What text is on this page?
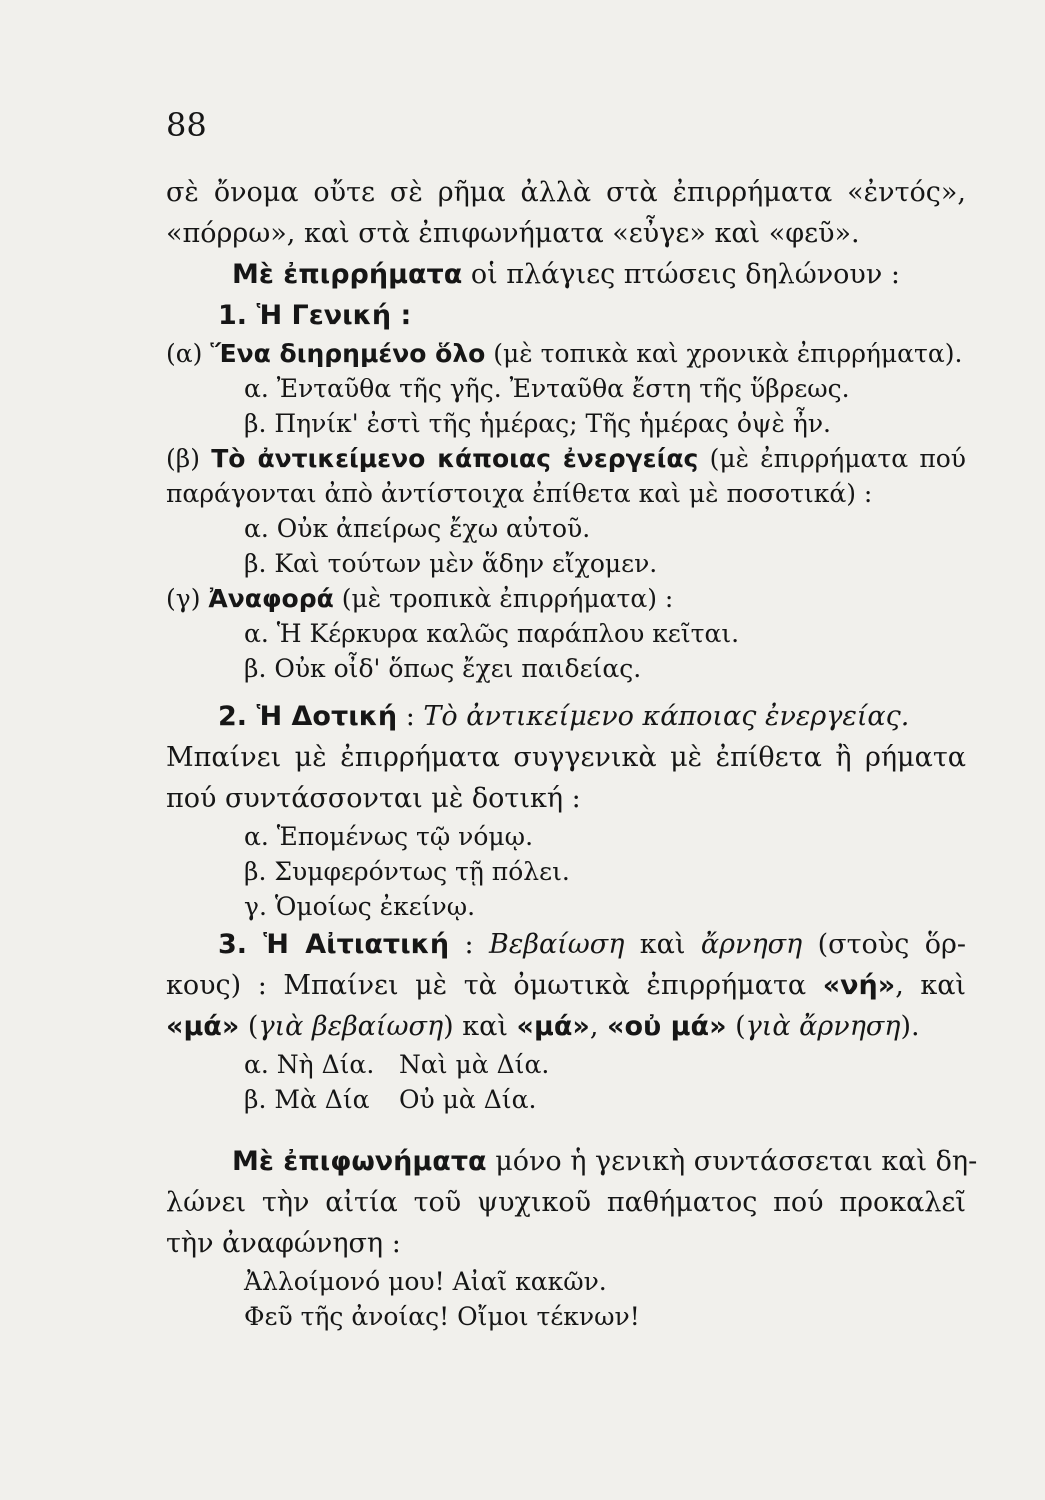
88
σὲ ὄνομα οὔτε σὲ ρῆμα ἀλλὰ στὰ ἐπιρρήματα «ἐντός»,
«πόρρω», καὶ στὰ ἐπιφωνήματα «εὖγε» καὶ «φεῦ».
Μὲ ἐπιρρήματα οἱ πλάγιες πτώσεις δηλώνουν :
1. Ἡ Γενική :
(α) Ἕνα διηρημένο ὅλο (μὲ τοπικὰ καὶ χρονικὰ ἐπιρρήματα).
α. Ἐνταῦθα τῆς γῆς. Ἐνταῦθα ἔστη τῆς ὕβρεως.
β. Πηνίκ' ἐστὶ τῆς ἡμέρας; Τῆς ἡμέρας ὀψὲ ἦν.
(β) Τὸ ἀντικείμενο κάποιας ἐνεργείας (μὲ ἐπιρρήματα πού
παράγονται ἀπὸ ἀντίστοιχα ἐπίθετα καὶ μὲ ποσοτικά) :
α. Οὐκ ἀπείρως ἔχω αὐτοῦ.
β. Καὶ τούτων μὲν ἅδην εἴχομεν.
(γ) Ἀναφορά (μὲ τροπικὰ ἐπιρρήματα) :
α. Ἡ Κέρκυρα καλῶς παράπλου κεῖται.
β. Οὐκ οἶδ' ὅπως ἔχει παιδείας.
2. Ἡ Δοτική : Τὸ ἀντικείμενο κάποιας ἐνεργείας.
Μπαίνει μὲ ἐπιρρήματα συγγενικὰ μὲ ἐπίθετα ἢ ρήματα
πού συντάσσονται μὲ δοτική :
α. Ἑπομένως τῷ νόμῳ.
β. Συμφερόντως τῇ πόλει.
γ. Ὁμοίως ἐκείνῳ.
3. Ἡ Αἰτιατική : Βεβαίωση καὶ ἄρνηση (στοὺς ὅρ-
κους) : Μπαίνει μὲ τὰ ὀμωτικὰ ἐπιρρήματα «νή», καὶ
«μά» (γιὰ βεβαίωση) καὶ «μά», «οὐ μά» (γιὰ ἄρνηση).
α. Νὴ Δία. Ναὶ μὰ Δία.
β. Μὰ Δία Οὐ μὰ Δία.
Μὲ ἐπιφωνήματα μόνο ἡ γενικὴ συντάσσεται καὶ δη-
λώνει τὴν αἰτία τοῦ ψυχικοῦ παθήματος πού προκαλεῖ
τὴν ἀναφώνηση :
Ἀλλοίμονό μου! Αἰαῖ κακῶν.
Φεῦ τῆς ἀνοίας! Οἴμοι τέκνων!
